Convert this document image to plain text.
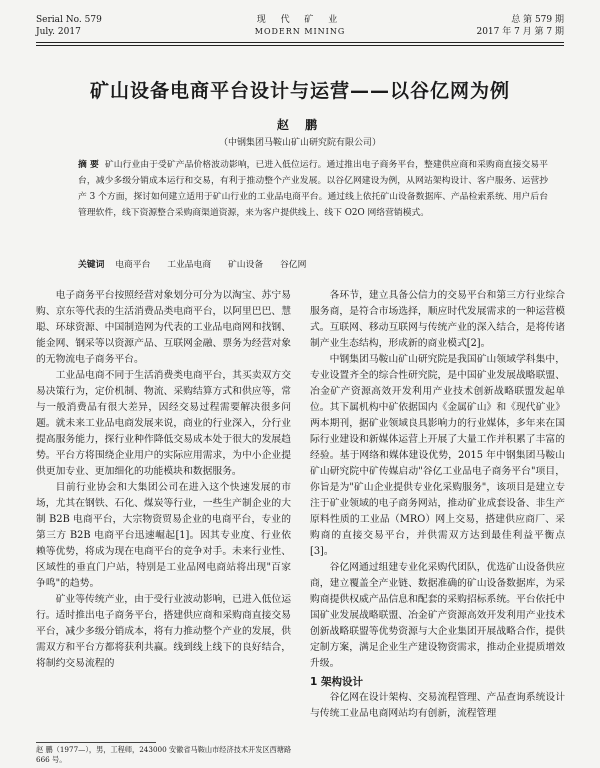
Serial No. 579
July. 2017
现 代 矿 业
MODERN MINING
总 第 579 期
2017 年 7 月 第 7 期
矿山设备电商平台设计与运营——以谷亿网为例
赵 鹏
（中钢集团马鞍山矿山研究院有限公司）
摘 要 矿山行业由于受矿产品价格波动影响，已进入低位运行。通过推出电子商务平台，整建供应商和采购商直接交易平台，减少多级分销成本运行和交易，有利于推动整个产业发展。以谷亿网建设为例，从网站架构设计、客户服务、运营抄产 3 个方面，探讨如何建立适用于矿山行业的工业品电商平台。通过线上依托矿山设备数据库、产品检索系统、用户后台管理软件，线下资源整合采购商渠道资源，来为客户提供线上、线下 O2O 网络营销模式。
关键词 电商平台 工业品电商 矿山设备 谷亿网

电子商务平台按照经营对象划分可分为以淘宝、苏宁易购、京东等代表的生活消费品类电商平台，以阿里巴巴、慧聪、环球资源、中国制造网为代表的工业品电商网和找钢、能金网、钢采等以资源产品、互联网金融、票务为经营对象的无物流电子商务平台。

工业品电商不同于生活消费类电商平台，其买卖双方交易决策行为，定价机制、物流、采购结算方式和供应等，常与一般消费品有很大差异，因经交易过程需要解决很多问题。就未来工业品电商发展来说，商业的行业深入，分行业提高服务能力，探行业种作降低交易成本处于很大的发展趋势。平台方将围绕企业用户的实际应用需求，为中小企业提供更加专业、更加细化的功能模块和数据服务。

目前行业协会和大集团公司在进入这个快速发展的市场，尤其在钢铁、石化、煤炭等行业，一些生产制企业的大制 B2B 电商平台，大宗物资贸易企业的电商平台，专业的第三方 B2B 电商平台迅速崛起[1]。因其专业度、行业依赖等优势，将成为现在电商平台的竞争对手。未来行业性、区域性的垂直门户站，特别是工业品网电商站将出现"百家争鸣"的趋势。

矿业等传统产业，由于受行业波动影响，已进入低位运行。适时推出电子商务平台，搭建供应商和采购商直接交易平台，减少多级分销成本，将有力推动整个产业的发展，供需双方和平台方都将获利共赢。线到线上线下的良好结合，将制约交易流程的

各环节，建立具备公信力的交易平台和第三方行业综合服务商，是符合市场选择，顺应时代发展需求的一种运营模式。互联网、移动互联网与传统产业的深入结合，是将传诸制产业生态结构，形成新的商业模式[2]。

中钢集团马鞍山矿山研究院是我国矿山领域学科集中，专业设置齐全的综合性研究院，是中国矿业发展战略联盟、冶金矿产资源高效开发利用产业技术创新战略联盟发起单位。其下属机构中矿依据国内《金属矿山》和《现代矿业》两本期刊，据矿业领域良具影响力的行业媒体，多年来在国际行业建设和新媒体运营上开展了大量工作并积累了丰富的经验。基于网络和媒体建设优势，2015 年中钢集团马鞍山矿山研究院中矿传媒启动"谷亿工业品电子商务平台"项目，你旨是为"矿山企业提供专业化采购服务"，该项目是建立专注于矿业领域的电子商务网站，推动矿业成套设备、非生产原料性质的工业品（MRO）网上交易，搭建供应商厂、采购商的直接交易平台，并供需双方达到最佳利益平衡点[3]。

谷亿网通过组建专业化采购代团队，优选矿山设备供应商，建立覆盖全产业链、数据准确的矿山设备数据库，为采购商提供权威产品信息和配套的采购招标系统。平台依托中国矿业发展战略联盟、冶金矿产资源高效开发利用产业技术创新战略联盟等优势资源与大企业集团开展战略合作，提供定制方案，满足企业生产建设物资需求，推动企业提质增效升级。

1 架构设计

谷亿网在设计架构、交易流程管理、产品查询系统设计与传统工业品电商网站均有创新，流程管理

赵 鹏（1977—），男，工程师，243000 安徽省马鞍山市经济技术开发区西塘路 666 号。
